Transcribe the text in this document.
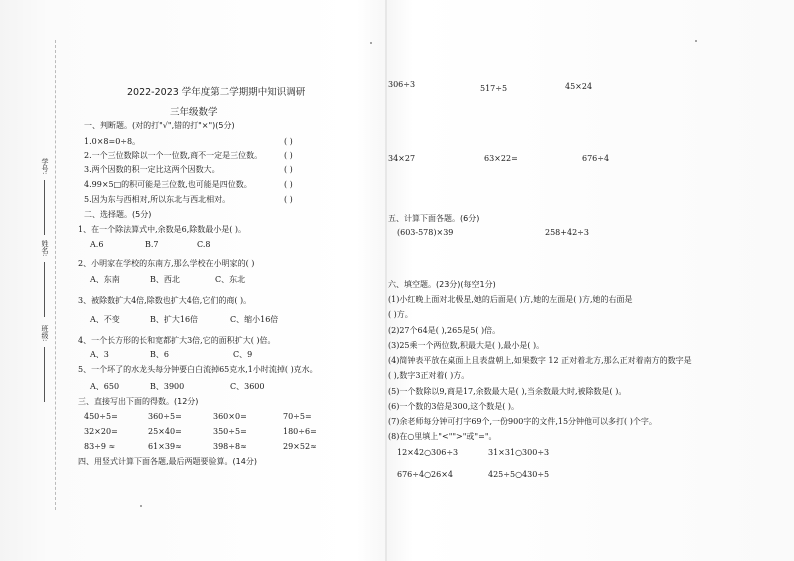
学号:
姓名:
班级:
2022-2023 学年度第二学期期中知识调研
三年级数学
一、判断题。(对的打"√",错的打"×")(5分)
1.0×8=0÷8。	( )
2.一个三位数除以一个一位数,商不一定是三位数。	( )
3.两个因数的积一定比这两个因数大。	( )
4.99×5□的积可能是三位数,也可能是四位数。	( )
5.因为东与西相对,所以东北与西北相对。	( )
二、选择题。(5分)
1、在一个除法算式中,余数是6,除数最小是( )。
A.6	B.7	C.8
2、小明家在学校的东南方,那么学校在小明家的( )
A、东南	B、西北	C、东北
3、被除数扩大4倍,除数也扩大4倍,它们的商( )。
A、不变	B、扩大16倍	C、缩小16倍
4、一个长方形的长和宽都扩大3倍,它的面积扩大( )倍。
A、3	B、6	C、9
5、一个坏了的水龙头每分钟要白白流掉65克水,1小时流掉( )克水。
A、650	B、3900	C、3600
三、直接写出下面的得数。(12分)
450÷5=	360÷5=	360×0=	70÷5=
32×20=	25×40=	350÷5=	180÷6=
83÷9 ≈	61×39≈	398÷8≈	29×52≈
四、用竖式计算下面各题,最后两题要验算。(14分)
306÷3	517÷5	45×24
34×27	63×22=	676÷4
五、计算下面各题。(6分)
(603-578)×39	258+42÷3
六、填空题。(23分)(每空1分)
(1)小红晚上面对北极星,她的后面是( )方,她的左面是( )方,她的右面是
( )方。
(2)27个64是( ),265是5( )倍。
(3)25乘一个两位数,积最大是( ),最小是( )。
(4)简钟表平放在桌面上且表盘朝上,如果数字 12 正对着北方,那么正对着南方的数字是
( ),数字3正对着( )方。
(5)一个数除以9,商是17,余数最大是( ),当余数最大时,被除数是( )。
(6)一个数的3倍是300,这个数是( )。
(7)余老师每分钟可打字69个,一份900字的文件,15分钟他可以多打( )个字。
(8)在○里填上"<"">"或"="。
12×42○306÷3	31×31○300÷3
676÷4○26×4	425÷5○430÷5
